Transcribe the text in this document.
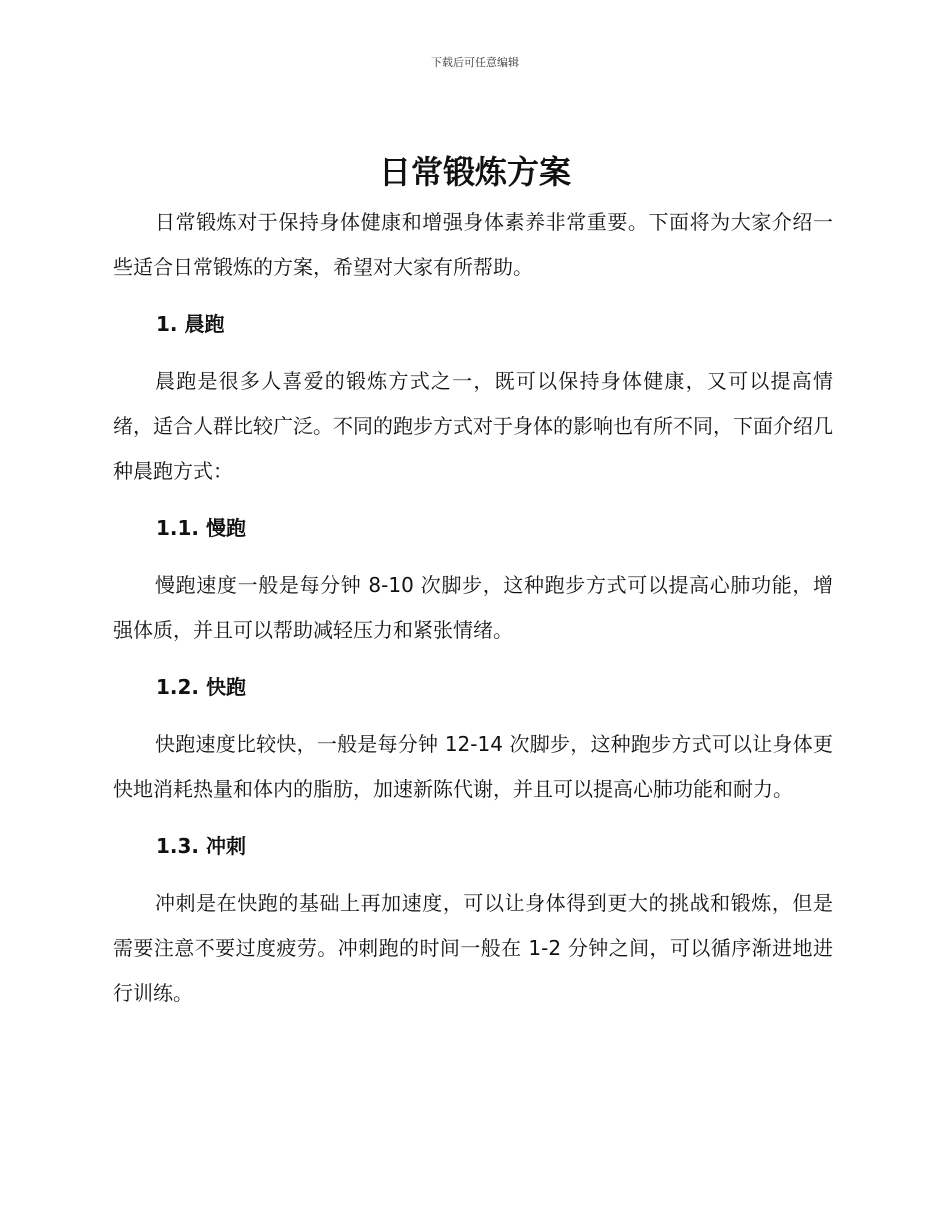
下载后可任意编辑
日常锻炼方案

日常锻炼对于保持身体健康和增强身体素养非常重要。下面将为大家介绍一些适合日常锻炼的方案，希望对大家有所帮助。

1. 晨跑

晨跑是很多人喜爱的锻炼方式之一，既可以保持身体健康，又可以提高情绪，适合人群比较广泛。不同的跑步方式对于身体的影响也有所不同，下面介绍几种晨跑方式：

1.1. 慢跑

慢跑速度一般是每分钟 8-10 次脚步，这种跑步方式可以提高心肺功能，增强体质，并且可以帮助减轻压力和紧张情绪。

1.2. 快跑

快跑速度比较快，一般是每分钟 12-14 次脚步，这种跑步方式可以让身体更快地消耗热量和体内的脂肪，加速新陈代谢，并且可以提高心肺功能和耐力。

1.3. 冲刺

冲刺是在快跑的基础上再加速度，可以让身体得到更大的挑战和锻炼，但是需要注意不要过度疲劳。冲刺跑的时间一般在 1-2 分钟之间，可以循序渐进地进行训练。
